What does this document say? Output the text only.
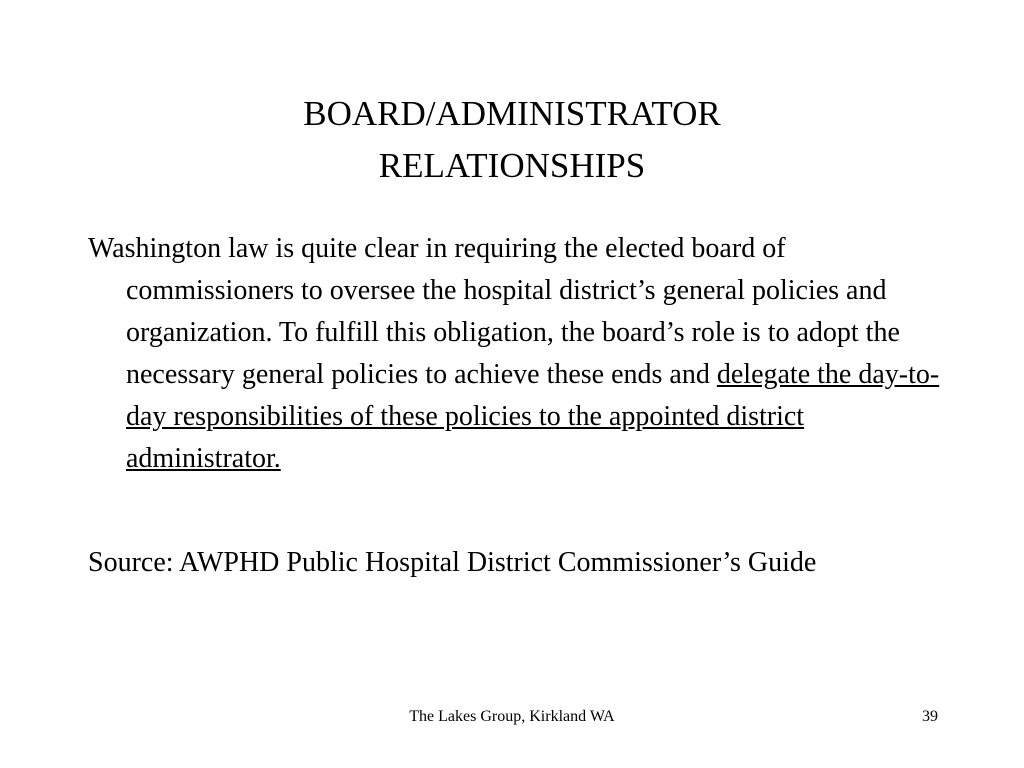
BOARD/ADMINISTRATOR
RELATIONSHIPS

Washington law is quite clear in requiring the elected board of commissioners to oversee the hospital district’s general policies and organization. To fulfill this obligation, the board’s role is to adopt the necessary general policies to achieve these ends and delegate the day-to-day responsibilities of these policies to the appointed district administrator.

Source: AWPHD Public Hospital District Commissioner’s Guide

The Lakes Group, Kirkland WA	39
